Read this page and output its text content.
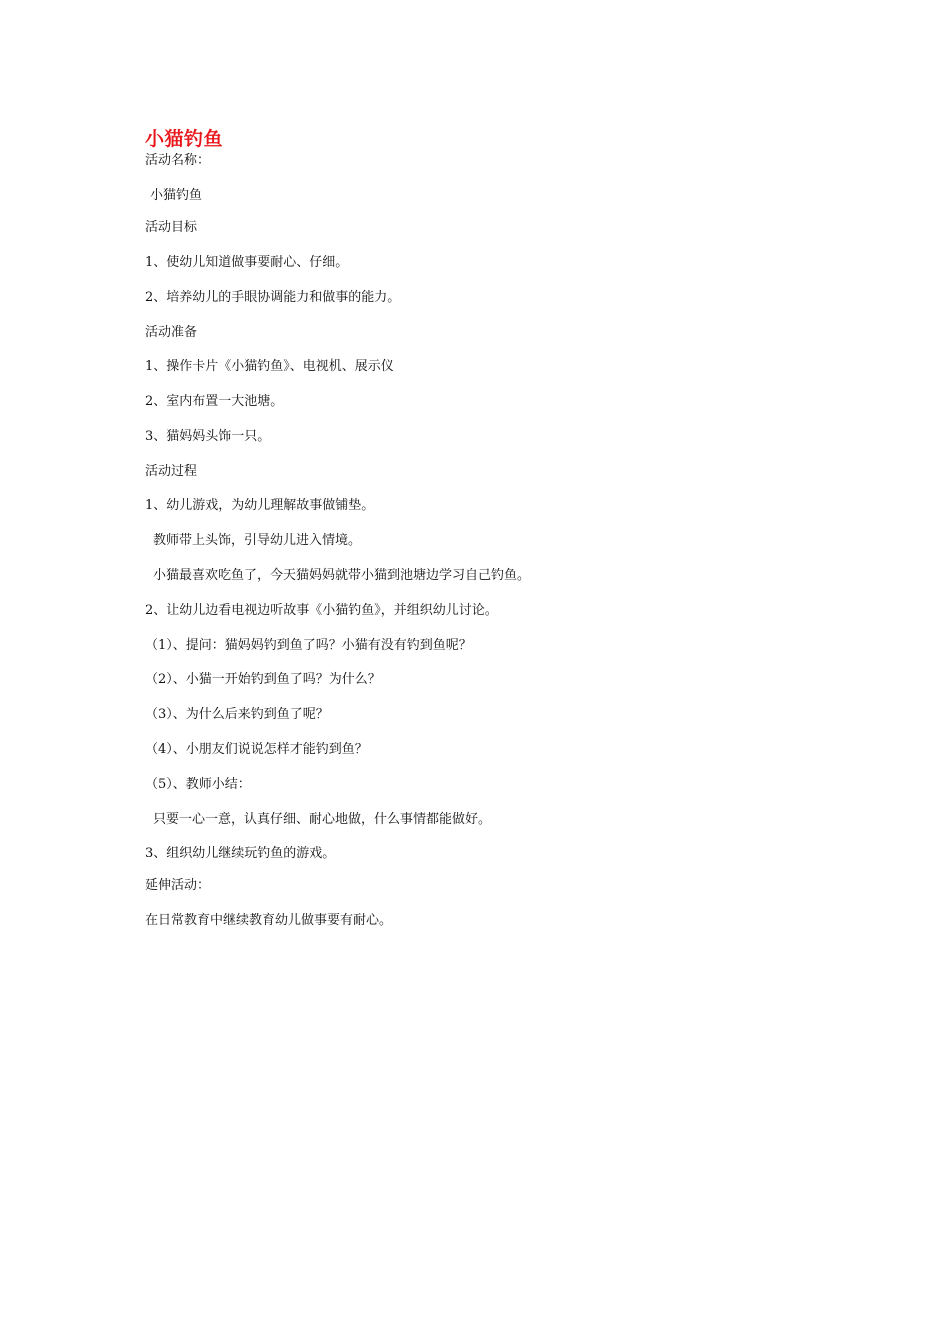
小猫钓鱼
活动名称：
小猫钓鱼
活动目标
1、使幼儿知道做事要耐心、仔细。
2、培养幼儿的手眼协调能力和做事的能力。
活动准备
1、操作卡片《小猫钓鱼》、电视机、展示仪
2、室内布置一大池塘。
3、猫妈妈头饰一只。
活动过程
1、幼儿游戏，为幼儿理解故事做铺垫。
教师带上头饰，引导幼儿进入情境。
小猫最喜欢吃鱼了，今天猫妈妈就带小猫到池塘边学习自己钓鱼。
2、让幼儿边看电视边听故事《小猫钓鱼》，并组织幼儿讨论。
（1）、提问：猫妈妈钓到鱼了吗？小猫有没有钓到鱼呢？
（2）、小猫一开始钓到鱼了吗？为什么？
（3）、为什么后来钓到鱼了呢？
（4）、小朋友们说说怎样才能钓到鱼？
（5）、教师小结：
只要一心一意，认真仔细、耐心地做，什么事情都能做好。
3、组织幼儿继续玩钓鱼的游戏。
延伸活动：
在日常教育中继续教育幼儿做事要有耐心。
